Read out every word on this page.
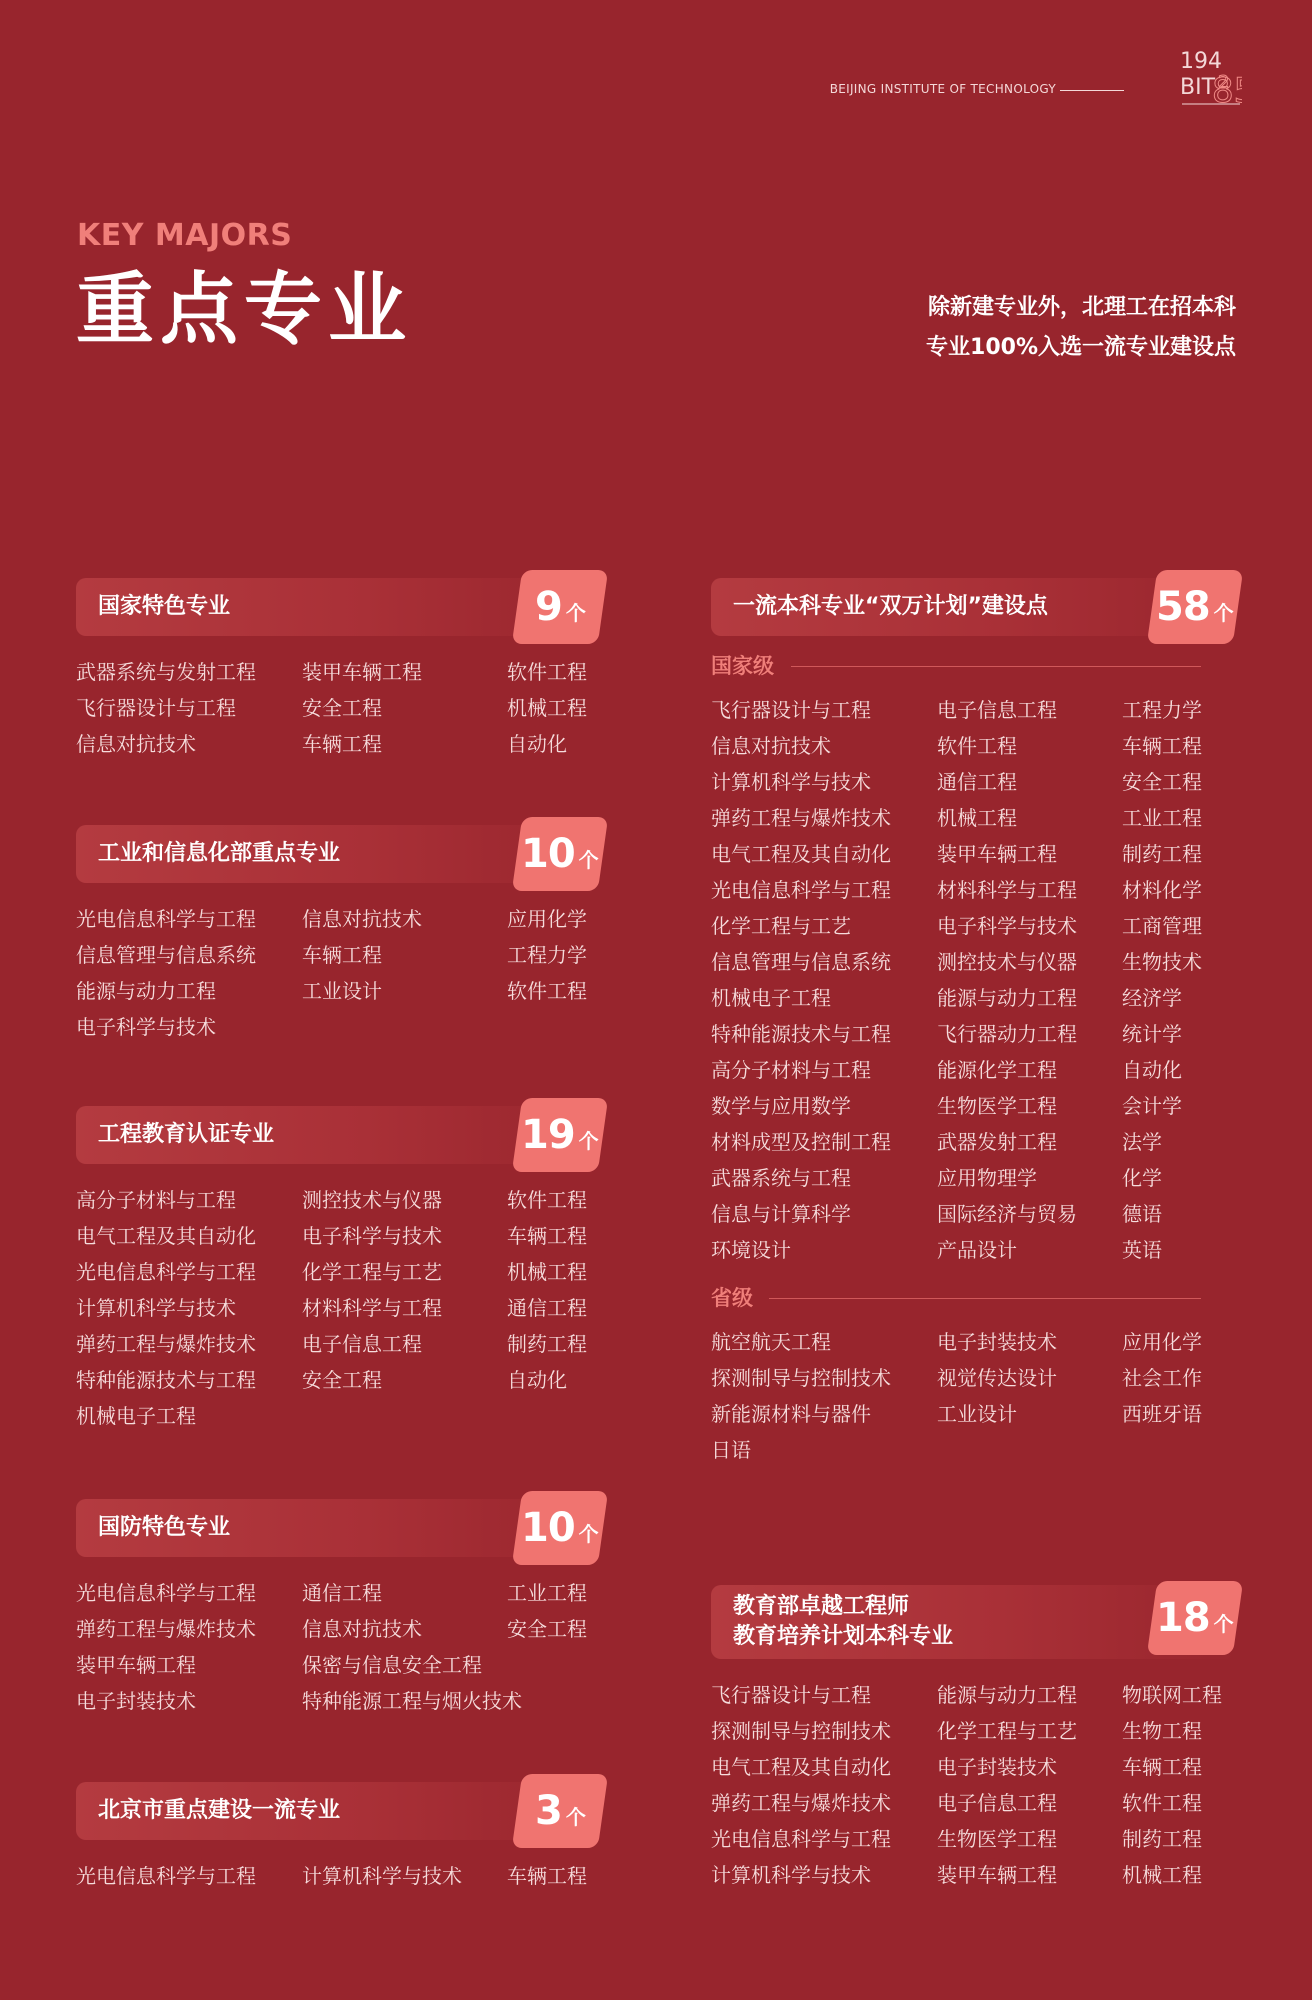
BEIJING INSTITUTE OF TECHNOLOGY
194
BIT
8
2
KEY MAJORS
重点专业	除新建专业外，北理工在招本科
专业100%入选一流专业建设点
国家特色专业	9 个
武器系统与发射工程	装甲车辆工程	软件工程
飞行器设计与工程	安全工程	机械工程
信息对抗技术	车辆工程	自动化
工业和信息化部重点专业	10 个
光电信息科学与工程	信息对抗技术	应用化学
信息管理与信息系统	车辆工程	工程力学
能源与动力工程	工业设计	软件工程
电子科学与技术
工程教育认证专业	19 个
高分子材料与工程	测控技术与仪器	软件工程
电气工程及其自动化	电子科学与技术	车辆工程
光电信息科学与工程	化学工程与工艺	机械工程
计算机科学与技术	材料科学与工程	通信工程
弹药工程与爆炸技术	电子信息工程	制药工程
特种能源技术与工程	安全工程	自动化
机械电子工程
国防特色专业	10 个
光电信息科学与工程	通信工程	工业工程
弹药工程与爆炸技术	信息对抗技术	安全工程
装甲车辆工程	保密与信息安全工程
电子封装技术	特种能源工程与烟火技术
北京市重点建设一流专业	3 个
光电信息科学与工程	计算机科学与技术	车辆工程
一流本科专业“双万计划”建设点	58 个
国家级
飞行器设计与工程	电子信息工程	工程力学
信息对抗技术	软件工程	车辆工程
计算机科学与技术	通信工程	安全工程
弹药工程与爆炸技术	机械工程	工业工程
电气工程及其自动化	装甲车辆工程	制药工程
光电信息科学与工程	材料科学与工程	材料化学
化学工程与工艺	电子科学与技术	工商管理
信息管理与信息系统	测控技术与仪器	生物技术
机械电子工程	能源与动力工程	经济学
特种能源技术与工程	飞行器动力工程	统计学
高分子材料与工程	能源化学工程	自动化
数学与应用数学	生物医学工程	会计学
材料成型及控制工程	武器发射工程	法学
武器系统与工程	应用物理学	化学
信息与计算科学	国际经济与贸易	德语
环境设计	产品设计	英语
省级
航空航天工程	电子封装技术	应用化学
探测制导与控制技术	视觉传达设计	社会工作
新能源材料与器件	工业设计	西班牙语
日语
教育部卓越工程师
教育培养计划本科专业	18 个
飞行器设计与工程	能源与动力工程	物联网工程
探测制导与控制技术	化学工程与工艺	生物工程
电气工程及其自动化	电子封装技术	车辆工程
弹药工程与爆炸技术	电子信息工程	软件工程
光电信息科学与工程	生物医学工程	制药工程
计算机科学与技术	装甲车辆工程	机械工程
